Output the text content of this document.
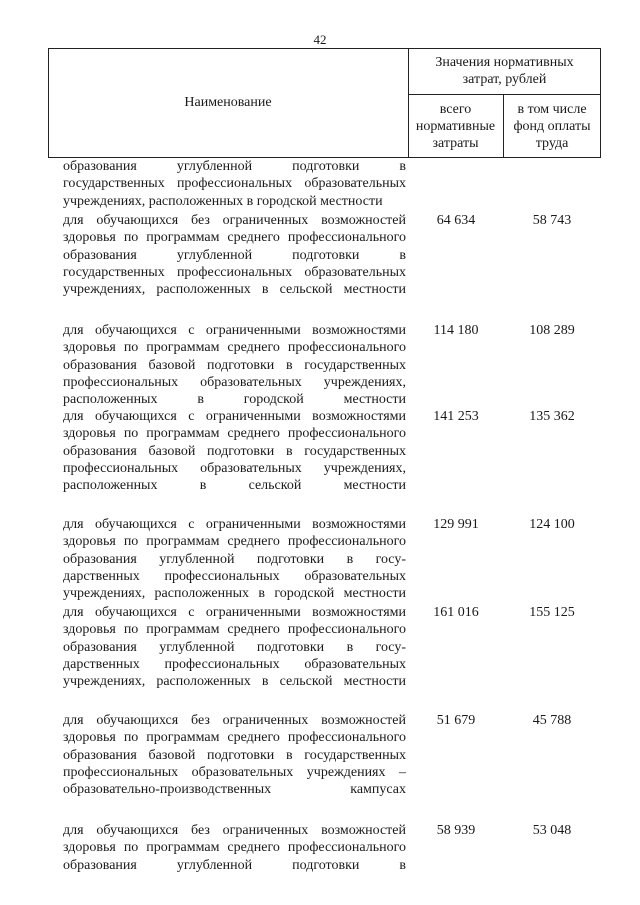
42
Наименование
Значения нормативных
затрат, рублей
всего
нормативные
затраты
в том числе
фонд оплаты
труда
образования углубленной подготовки в
государственных профессиональных образовательных
учреждениях, расположенных в городской местности
для обучающихся без ограниченных возможностей
здоровья по программам среднего профессионального
образования углубленной подготовки в
государственных профессиональных образовательных
учреждениях, расположенных в сельской местности
64 634	58 743
для обучающихся с ограниченными возможностями
здоровья по программам среднего профессионального
образования базовой подготовки в государственных
профессиональных образовательных учреждениях,
расположенных в городской местности
114 180	108 289
для обучающихся с ограниченными возможностями
здоровья по программам среднего профессионального
образования базовой подготовки в государственных
профессиональных образовательных учреждениях,
расположенных в сельской местности
141 253	135 362
для обучающихся с ограниченными возможностями
здоровья по программам среднего профессионального
образования углубленной подготовки в госу-
дарственных профессиональных образовательных
учреждениях, расположенных в городской местности
129 991	124 100
для обучающихся с ограниченными возможностями
здоровья по программам среднего профессионального
образования углубленной подготовки в госу-
дарственных профессиональных образовательных
учреждениях, расположенных в сельской местности
161 016	155 125
для обучающихся без ограниченных возможностей
здоровья по программам среднего профессионального
образования базовой подготовки в государственных
профессиональных образовательных учреждениях –
образовательно-производственных кампусах
51 679	45 788
для обучающихся без ограниченных возможностей
здоровья по программам среднего профессионального
образования углубленной подготовки в
58 939	53 048
